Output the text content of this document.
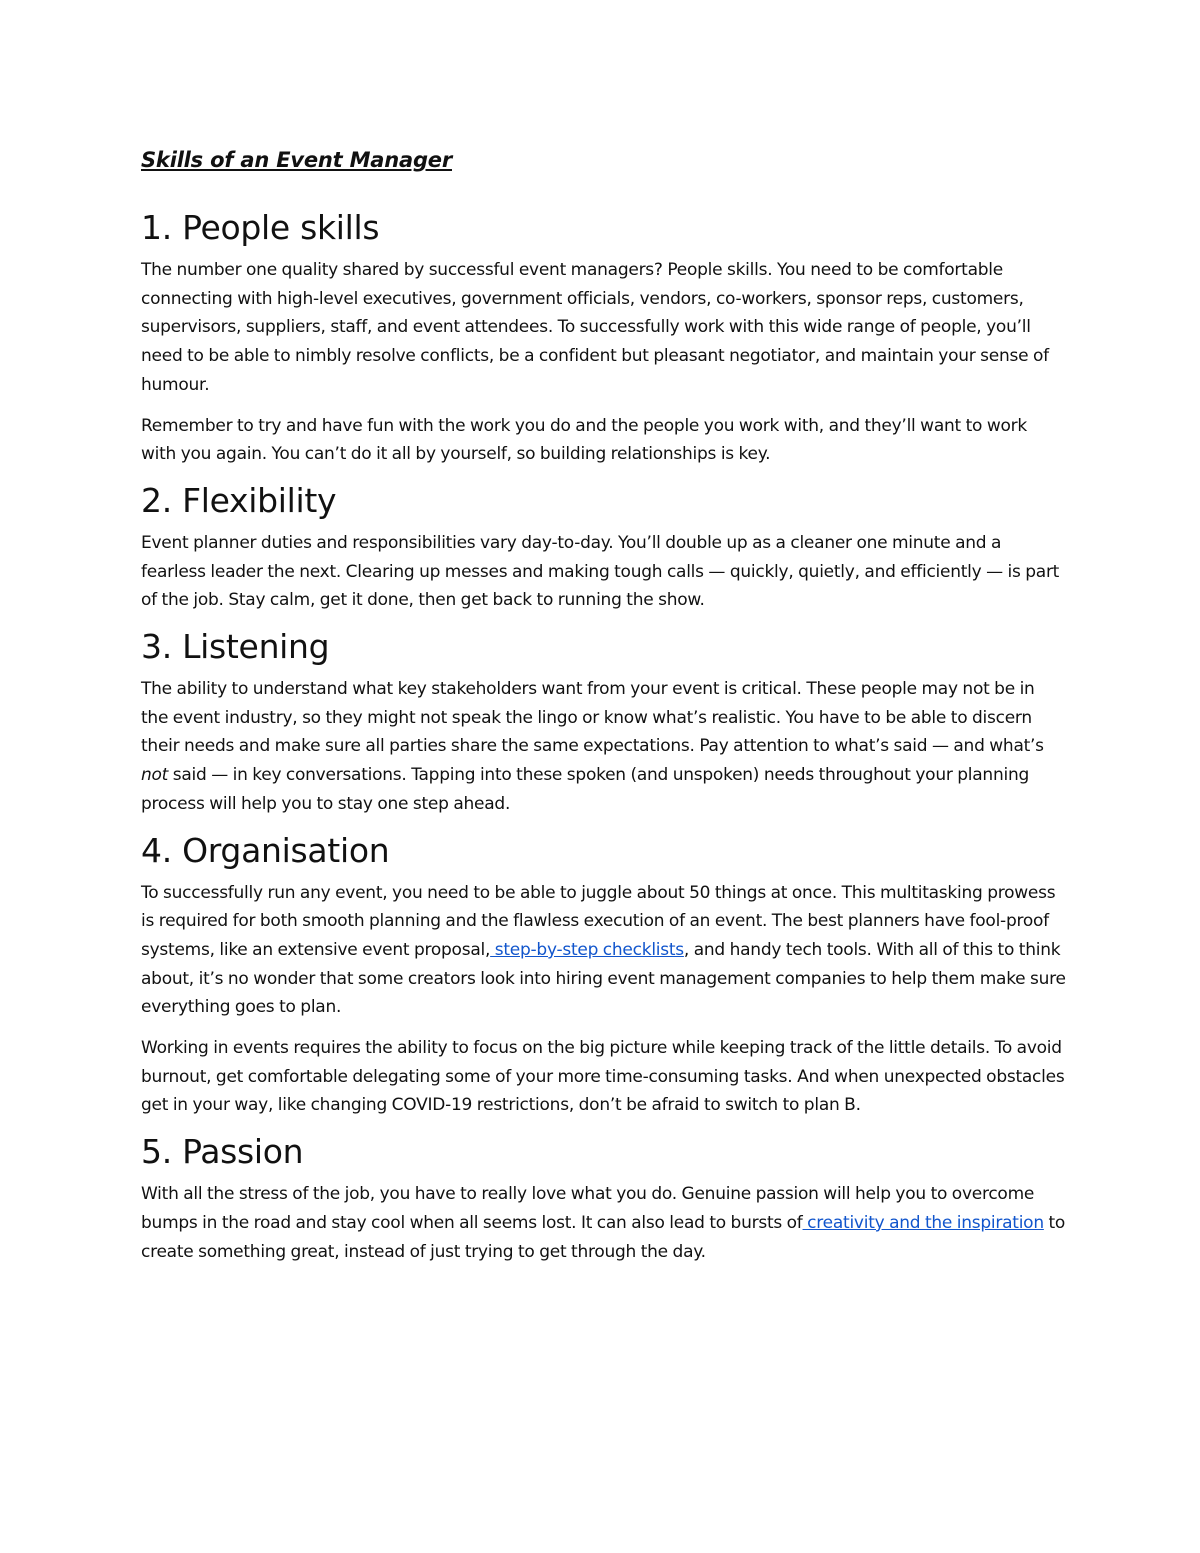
Skills of an Event Manager
1. People skills

The number one quality shared by successful event managers? People skills. You need to be comfortable connecting with high-level executives, government officials, vendors, co-workers, sponsor reps, customers, supervisors, suppliers, staff, and event attendees. To successfully work with this wide range of people, you’ll need to be able to nimbly resolve conflicts, be a confident but pleasant negotiator, and maintain your sense of humour.

Remember to try and have fun with the work you do and the people you work with, and they’ll want to work with you again. You can’t do it all by yourself, so building relationships is key.

2. Flexibility

Event planner duties and responsibilities vary day-to-day. You’ll double up as a cleaner one minute and a fearless leader the next. Clearing up messes and making tough calls — quickly, quietly, and efficiently — is part of the job. Stay calm, get it done, then get back to running the show.

3. Listening

The ability to understand what key stakeholders want from your event is critical. These people may not be in the event industry, so they might not speak the lingo or know what’s realistic. You have to be able to discern their needs and make sure all parties share the same expectations. Pay attention to what’s said — and what’s not said — in key conversations. Tapping into these spoken (and unspoken) needs throughout your planning process will help you to stay one step ahead.

4. Organisation

To successfully run any event, you need to be able to juggle about 50 things at once. This multitasking prowess is required for both smooth planning and the flawless execution of an event. The best planners have fool-proof systems, like an extensive event proposal, step-by-step checklists, and handy tech tools. With all of this to think about, it’s no wonder that some creators look into hiring event management companies to help them make sure everything goes to plan.

Working in events requires the ability to focus on the big picture while keeping track of the little details. To avoid burnout, get comfortable delegating some of your more time-consuming tasks. And when unexpected obstacles get in your way, like changing COVID-19 restrictions, don’t be afraid to switch to plan B.

5. Passion

With all the stress of the job, you have to really love what you do. Genuine passion will help you to overcome bumps in the road and stay cool when all seems lost. It can also lead to bursts of creativity and the inspiration to create something great, instead of just trying to get through the day.
